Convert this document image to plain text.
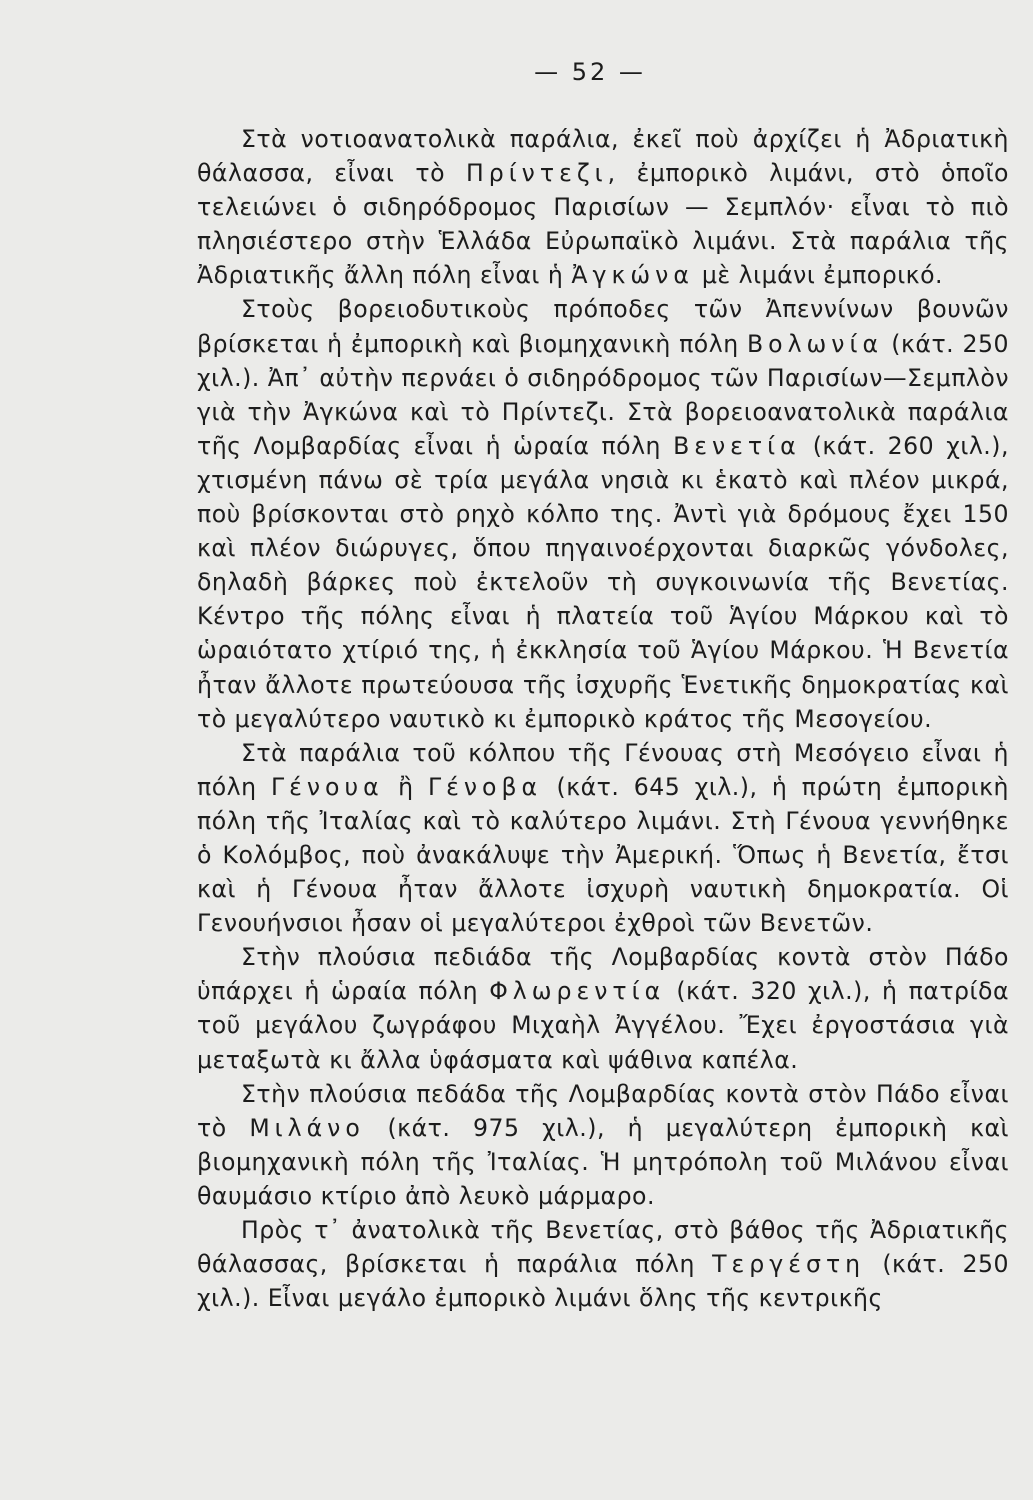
— 52 —

Στὰ νοτιοανατολικὰ παράλια, ἐκεῖ ποὺ ἀρχίζει ἡ Ἀδριατικὴ θάλασσα, εἶναι τὸ Πρίντεζι, ἐμπορικὸ λιμάνι, στὸ ὁποῖο τελειώνει ὁ σιδηρόδρομος Παρισίων — Σεμπλόν· εἶναι τὸ πιὸ πλησιέστερο στὴν Ἑλλάδα Εὐρωπαϊκὸ λιμάνι. Στὰ παράλια τῆς Ἀδριατικῆς ἄλλη πόλη εἶναι ἡ Ἀγκώνα μὲ λιμάνι ἐμπορικό.

Στοὺς βορειοδυτικοὺς πρόποδες τῶν Ἀπεννίνων βουνῶν βρίσκεται ἡ ἐμπορικὴ καὶ βιομηχανικὴ πόλη Βολωνία (κάτ. 250 χιλ.). Ἀπ᾿ αὐτὴν περνάει ὁ σιδηρόδρομος τῶν Παρισίων—Σεμπλὸν γιὰ τὴν Ἀγκώνα καὶ τὸ Πρίντεζι. Στὰ βορειοανατολικὰ παράλια τῆς Λομβαρδίας εἶναι ἡ ὡραία πόλη Βενετία (κάτ. 260 χιλ.), χτισμένη πάνω σὲ τρία μεγάλα νησιὰ κι ἑκατὸ καὶ πλέον μικρά, ποὺ βρίσκονται στὸ ρηχὸ κόλπο της. Ἀντὶ γιὰ δρόμους ἔχει 150 καὶ πλέον διώρυγες, ὅπου πηγαινοέρχονται διαρκῶς γόνδολες, δηλαδὴ βάρκες ποὺ ἐκτελοῦν τὴ συγκοινωνία τῆς Βενετίας. Κέντρο τῆς πόλης εἶναι ἡ πλατεία τοῦ Ἁγίου Μάρκου καὶ τὸ ὡραιότατο χτίριό της, ἡ ἐκκλησία τοῦ Ἁγίου Μάρκου. Ἡ Βενετία ἦταν ἄλλοτε πρωτεύουσα τῆς ἰσχυρῆς Ἑνετικῆς δημοκρατίας καὶ τὸ μεγαλύτερο ναυτικὸ κι ἐμπορικὸ κράτος τῆς Μεσογείου.

Στὰ παράλια τοῦ κόλπου τῆς Γένουας στὴ Μεσόγειο εἶναι ἡ πόλη Γένουα ἢ Γένοβα (κάτ. 645 χιλ.), ἡ πρώτη ἐμπορικὴ πόλη τῆς Ἰταλίας καὶ τὸ καλύτερο λιμάνι. Στὴ Γένουα γεννήθηκε ὁ Κολόμβος, ποὺ ἀνακάλυψε τὴν Ἀμερική. Ὅπως ἡ Βενετία, ἔτσι καὶ ἡ Γένουα ἦταν ἄλλοτε ἰσχυρὴ ναυτικὴ δημοκρατία. Οἱ Γενουήνσιοι ἦσαν οἱ μεγαλύτεροι ἐχθροὶ τῶν Βενετῶν.

Στὴν πλούσια πεδιάδα τῆς Λομβαρδίας κοντὰ στὸν Πάδο ὑπάρχει ἡ ὡραία πόλη Φλωρεντία (κάτ. 320 χιλ.), ἡ πατρίδα τοῦ μεγάλου ζωγράφου Μιχαὴλ Ἀγγέλου. Ἔχει ἐργοστάσια γιὰ μεταξωτὰ κι ἄλλα ὑφάσματα καὶ ψάθινα καπέλα.

Στὴν πλούσια πεδάδα τῆς Λομβαρδίας κοντὰ στὸν Πάδο εἶναι τὸ Μιλάνο (κάτ. 975 χιλ.), ἡ μεγαλύτερη ἐμπορικὴ καὶ βιομηχανικὴ πόλη τῆς Ἰταλίας. Ἡ μητρόπολη τοῦ Μιλάνου εἶναι θαυμάσιο κτίριο ἀπὸ λευκὸ μάρμαρο.

Πρὸς τ᾿ ἀνατολικὰ τῆς Βενετίας, στὸ βάθος τῆς Ἀδριατικῆς θάλασσας, βρίσκεται ἡ παράλια πόλη Τεργέστη (κάτ. 250 χιλ.). Εἶναι μεγάλο ἐμπορικὸ λιμάνι ὅλης τῆς κεντρικῆς
